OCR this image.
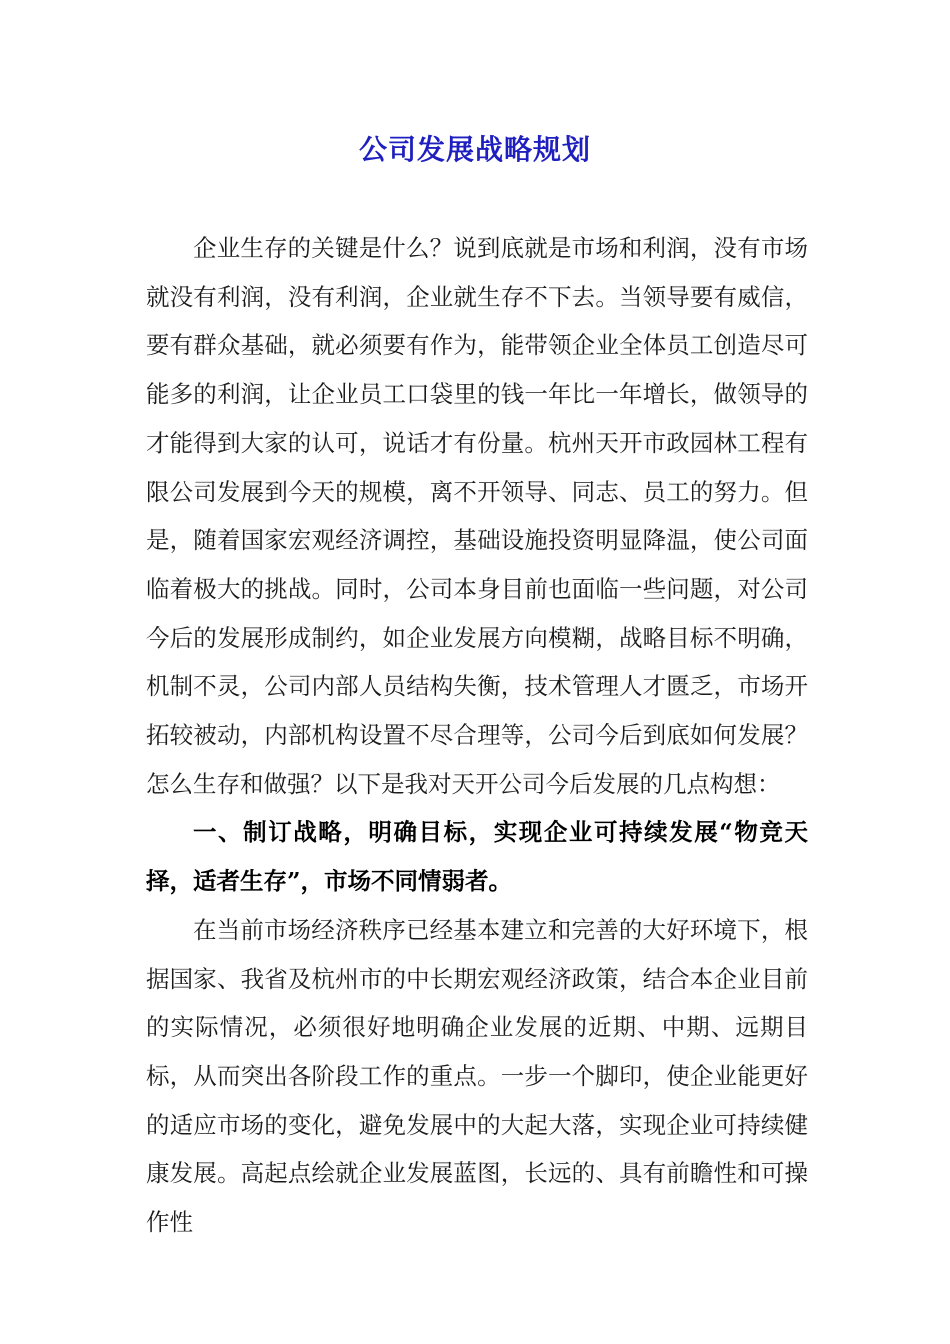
公司发展战略规划

企业生存的关键是什么？说到底就是市场和利润，没有市场就没有利润，没有利润，企业就生存不下去。当领导要有威信，要有群众基础，就必须要有作为，能带领企业全体员工创造尽可能多的利润，让企业员工口袋里的钱一年比一年增长，做领导的才能得到大家的认可，说话才有份量。杭州天开市政园林工程有限公司发展到今天的规模，离不开领导、同志、员工的努力。但是，随着国家宏观经济调控，基础设施投资明显降温，使公司面临着极大的挑战。同时，公司本身目前也面临一些问题，对公司今后的发展形成制约，如企业发展方向模糊，战略目标不明确，机制不灵，公司内部人员结构失衡，技术管理人才匮乏，市场开拓较被动，内部机构设置不尽合理等，公司今后到底如何发展？怎么生存和做强？以下是我对天开公司今后发展的几点构想：

一、制订战略，明确目标，实现企业可持续发展“物竞天择，适者生存”，市场不同情弱者。

在当前市场经济秩序已经基本建立和完善的大好环境下，根据国家、我省及杭州市的中长期宏观经济政策，结合本企业目前的实际情况，必须很好地明确企业发展的近期、中期、远期目标，从而突出各阶段工作的重点。一步一个脚印，使企业能更好的适应市场的变化，避免发展中的大起大落，实现企业可持续健康发展。高起点绘就企业发展蓝图，长远的、具有前瞻性和可操作性
